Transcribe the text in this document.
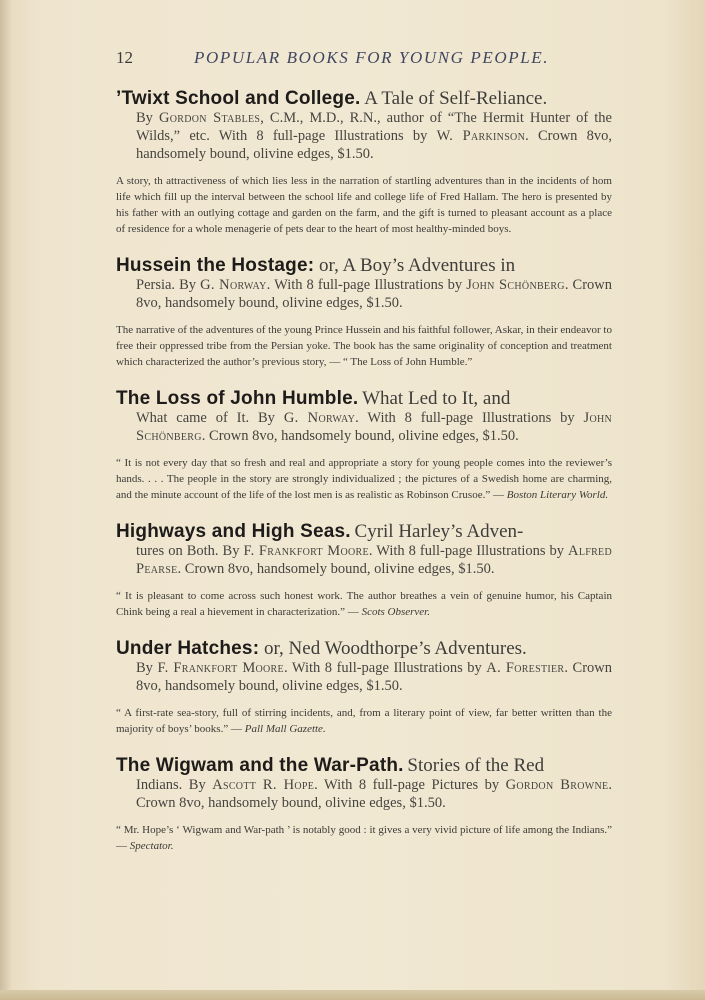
12	POPULAR BOOKS FOR YOUNG PEOPLE.

’Twixt School and College. A Tale of Self-Reliance.

By Gordon Stables, C.M., M.D., R.N., author of “The Hermit Hunter of the Wilds,” etc. With 8 full-page Illustrations by W. Parkinson. Crown 8vo, handsomely bound, olivine edges, $1.50.

A story, th attractiveness of which lies less in the narration of startling adventures than in the incidents of hom life which fill up the interval between the school life and college life of Fred Hallam. The hero is presented by his father with an outlying cottage and garden on the farm, and the gift is turned to pleasant account as a place of residence for a whole menagerie of pets dear to the heart of most healthy-minded boys.

Hussein the Hostage: or, A Boy’s Adventures in

Persia. By G. Norway. With 8 full-page Illustrations by John Schönberg. Crown 8vo, handsomely bound, olivine edges, $1.50.

The narrative of the adventures of the young Prince Hussein and his faithful follower, Askar, in their endeavor to free their oppressed tribe from the Persian yoke. The book has the same originality of conception and treatment which characterized the author’s previous story, — “ The Loss of John Humble.”

The Loss of John Humble. What Led to It, and

What came of It. By G. Norway. With 8 full-page Illustrations by John Schönberg. Crown 8vo, handsomely bound, olivine edges, $1.50.

“ It is not every day that so fresh and real and appropriate a story for young people comes into the reviewer’s hands. . . . The people in the story are strongly individualized ; the pictures of a Swedish home are charming, and the minute account of the life of the lost men is as realistic as Robinson Crusoe.” — Boston Literary World.

Highways and High Seas. Cyril Harley’s Adven-

tures on Both. By F. Frankfort Moore. With 8 full-page Illustrations by Alfred Pearse. Crown 8vo, handsomely bound, olivine edges, $1.50.

“ It is pleasant to come across such honest work. The author breathes a vein of genuine humor, his Captain Chink being a real a hievement in characterization.” — Scots Observer.

Under Hatches: or, Ned Woodthorpe’s Adventures.

By F. Frankfort Moore. With 8 full-page Illustrations by A. Forestier. Crown 8vo, handsomely bound, olivine edges, $1.50.

“ A first-rate sea-story, full of stirring incidents, and, from a literary point of view, far better written than the majority of boys’ books.” — Pall Mall Gazette.

The Wigwam and the War-Path. Stories of the Red

Indians. By Ascott R. Hope. With 8 full-page Pictures by Gordon Browne. Crown 8vo, handsomely bound, olivine edges, $1.50.

“ Mr. Hope’s ‘ Wigwam and War-path ’ is notably good : it gives a very vivid picture of life among the Indians.” — Spectator.
